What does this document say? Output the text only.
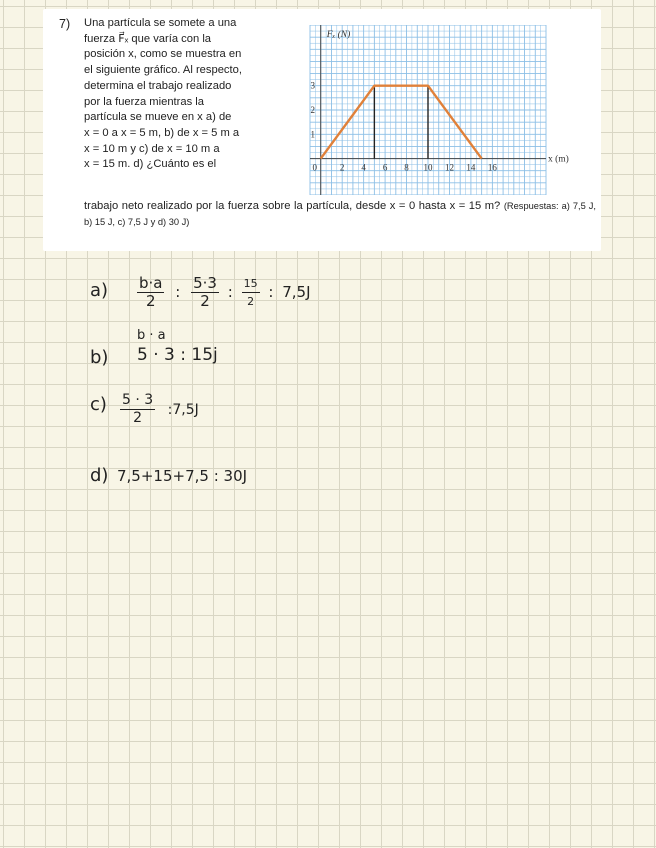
7) Una partícula se somete a una

fuerza F⃗ₓ que varía con la

posición x, como se muestra en

el siguiente gráfico. Al respecto,

determina el trabajo realizado

por la fuerza mientras la

partícula se mueve en x a) de

x = 0 a x = 5 m, b) de x = 5 m a

x = 10 m y c) de x = 10 m a

x = 15 m. d) ¿Cuánto es el

trabajo neto realizado por la fuerza sobre la partícula, desde x = 0 hasta x = 15 m? (Respuestas: a) 7,5 J, b) 15 J, c) 7,5 J y d) 30 J)

0	2 4 6 8 10 12 14 16
1
2
3
Fₓ (N)
x (m)
$a) \frac{b\cdot a}{2}$ : $\frac{5\cdot 3}{2}$ : $\frac{15}{2}$ : 7,5J
b · a
b) 5 · 3 : 15j
$c) \frac{5 \cdot 3}{2}$ :7,5J
d) 7,5+15+7,5 : 30J
